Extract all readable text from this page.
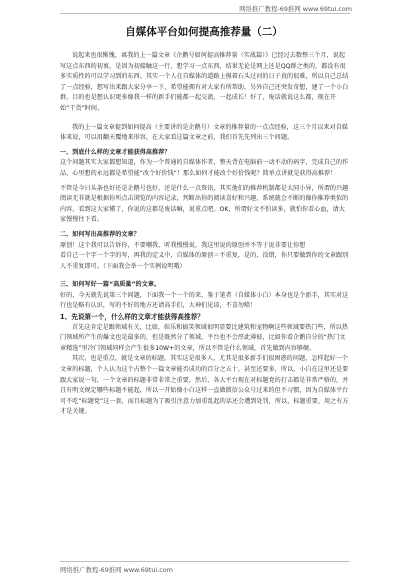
网络推广教程-69推网 www.69tui.com
自媒体平台如何提高推荐量（二）

说起来也很惭愧，离我的上一篇文章《企鹅号如何提高推荐量（实战篇）》已经过去数整三个月，说起写这点东西的初衷，是因为初接触这一行，想学习一点东西，结果无论是网上还是QQ群之类的，都没有很多实质性的可以学习到的东西。其实一个人在自媒体的道路上摸着石头过河的日子真的很难，所以自己总结了一点经验，想写出来跟大家分享一下，希望能拥有对大家有所帮助，另外自己还突发奇想，建了一个小白群，目的也是想认识更多像我一样的新手们能都一起交流，一起成长！好了，废话就说这么都，现在开始“干货”时间。

我的上一篇文章提到如何提高（主要讲的是企鹅号）文章的推荐量的一点点经验，这三个月以来对自媒体来说，可以用翻天覆地来形容，在大家看这篇文章之前，我们首先先列出三个问题。

一、到底什么样的文章才能获得高推荐？

这个问题其实大家都想知道，作为一个普通的自媒体作者，整天背在电脑前一动不动的码字，完成自己的作品，心里想的永远都是希望能“改个好价钱”！那么如何才能改个好价钱呢？简单点讲就是获得高推荐！

不管是今日头条也好还是企鹅号也好，还是什么一点资讯，其实他们的推荐机制都是大同小异，所谓的兴趣阅读无非就是根据你所点击浏览的内容记录，判断出你的阅读喜好和兴趣，系统就会不断的像你推荐类似的内容，看到这大家懂了，你说的这都是废话嘛，说重点吧。OK，所谓好文不怕读多，就怕你看心血，请大家慢慢往下看。

二、如何写出高推荐的文章？

原创！这个我可以告诉你，不要嘲我，听我慢慢说，我这里说的原创并不等于说非要让你想

看自己一个字一个字的写，再我的定义中，自媒体的原创＝不重复，是的，没错，你只要做到你的文章跟别人不重复即可。（下面我会举一个实例说明哦）

三、如何写好一篇“高质量”的文章。

好的，今天就先说第三个问题，下面我一个一个的来，鉴于笔者（自媒体小白）本身也是个新手，其实对这行也是略有认识，写的不好的地方还请高手们，大神们见谅，不喜勿喷！

1、先说第一个，什么样的文章才能获得高推荐？

首先这肯定是跟领域有关，比如，娱乐和搞笑领域很明显要比建筑和宠物啊这些领域要热门些，所以热门领域所产生的爆文也是最多的，但是既然分了领域，平台也不会厚此薄彼，比如你看企鹅自分的“热门文章精选”里冷门领域同样会产生很多10W+的文章，所以不管是什么领域，首先做到内容够硬。

其次，也是重点，就是文章的标题，其实这是很多人，尤其是很多新手们很困惑的问题，怎样起好一个文章的标题，个人认为这个占整个一篇文章能否成功的百分之五十，甚至还要多，所以，小白在这里还是要跟大家说一句，一个文章的标题非常非常之重要，然后，各大平台现在对标题党的打击都是非常严格的，并且有明文规定哪些标题不能起，所以一开始像小白这样一直做微信公众号过来的但不习惯，因为自媒体平台可不吃“标题党”这一套，而且标题为了吸引注意力加重乱起的话还会遭到处罚，所以，标题重要，用之有方才是关键。

网络推广教程-69推网 www.69tui.com
